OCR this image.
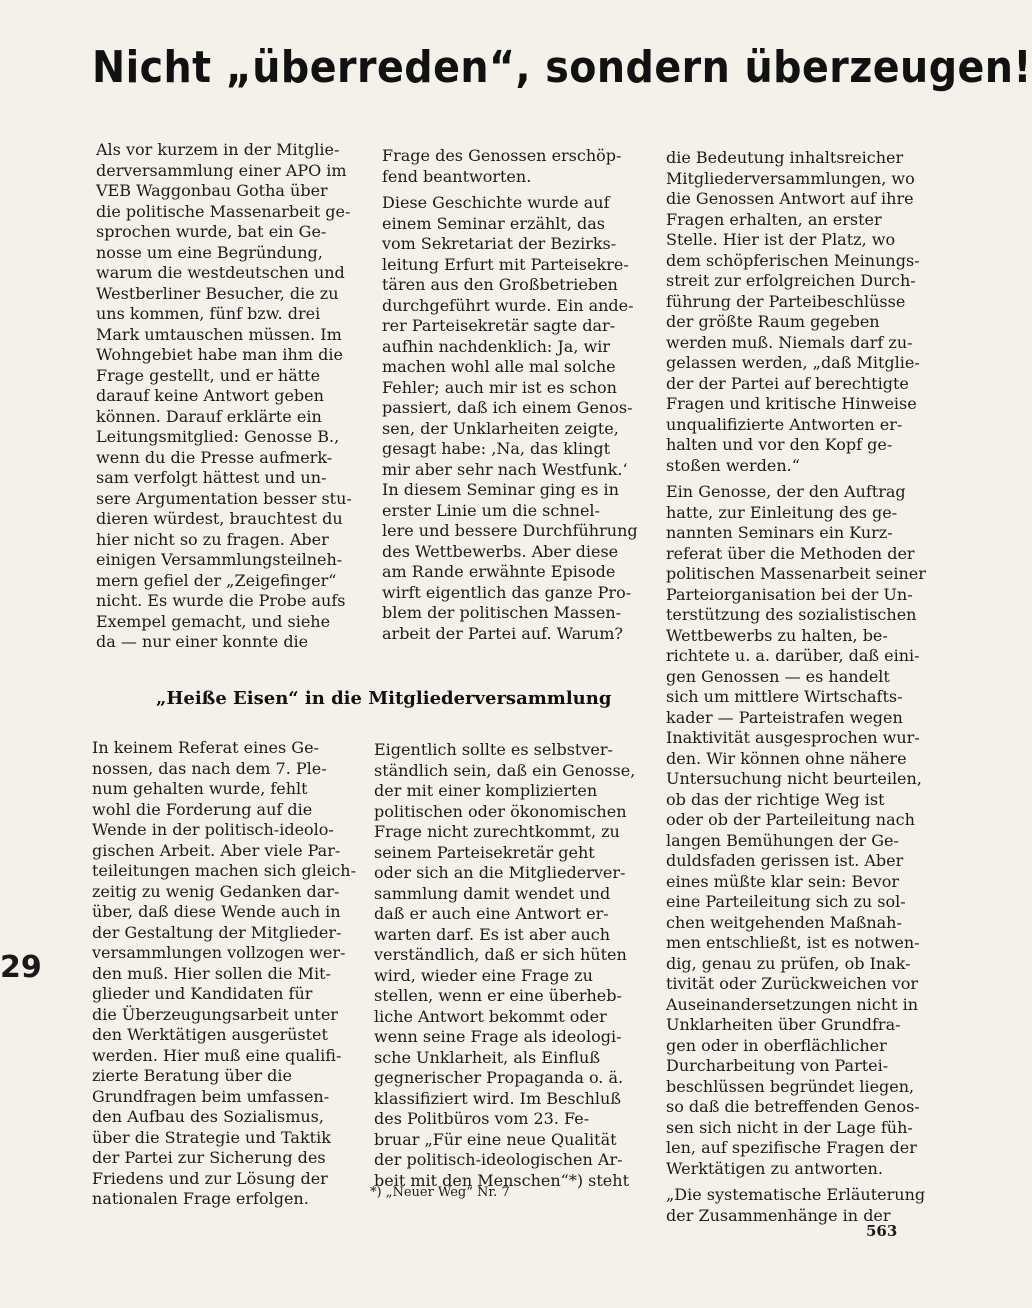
Nicht „überreden“, sondern überzeugen!
Als vor kurzem in der Mitglie-
derversammlung einer APO im
VEB Waggonbau Gotha über
die politische Massenarbeit ge-
sprochen wurde, bat ein Ge-
nosse um eine Begründung,
warum die westdeutschen und
Westberliner Besucher, die zu
uns kommen, fünf bzw. drei
Mark umtauschen müssen. Im
Wohngebiet habe man ihm die
Frage gestellt, und er hätte
darauf keine Antwort geben
können. Darauf erklärte ein
Leitungsmitglied: Genosse B.,
wenn du die Presse aufmerk-
sam verfolgt hättest und un-
sere Argumentation besser stu-
dieren würdest, brauchtest du
hier nicht so zu fragen. Aber
einigen Versammlungsteilneh-
mern gefiel der „Zeigefinger“
nicht. Es wurde die Probe aufs
Exempel gemacht, und siehe
da — nur einer konnte die
Frage des Genossen erschöp-
fend beantworten.
Diese Geschichte wurde auf
einem Seminar erzählt, das
vom Sekretariat der Bezirks-
leitung Erfurt mit Parteisekre-
tären aus den Großbetrieben
durchgeführt wurde. Ein ande-
rer Parteisekretär sagte dar-
aufhin nachdenklich: Ja, wir
machen wohl alle mal solche
Fehler; auch mir ist es schon
passiert, daß ich einem Genos-
sen, der Unklarheiten zeigte,
gesagt habe: ‚Na, das klingt
mir aber sehr nach Westfunk.‘
In diesem Seminar ging es in
erster Linie um die schnel-
lere und bessere Durchführung
des Wettbewerbs. Aber diese
am Rande erwähnte Episode
wirft eigentlich das ganze Pro-
blem der politischen Massen-
arbeit der Partei auf. Warum?
die Bedeutung inhaltsreicher
Mitgliederversammlungen, wo
die Genossen Antwort auf ihre
Fragen erhalten, an erster
Stelle. Hier ist der Platz, wo
dem schöpferischen Meinungs-
streit zur erfolgreichen Durch-
führung der Parteibeschlüsse
der größte Raum gegeben
werden muß. Niemals darf zu-
gelassen werden, „daß Mitglie-
der der Partei auf berechtigte
Fragen und kritische Hinweise
unqualifizierte Antworten er-
halten und vor den Kopf ge-
stoßen werden.“
Ein Genosse, der den Auftrag
hatte, zur Einleitung des ge-
nannten Seminars ein Kurz-
referat über die Methoden der
politischen Massenarbeit seiner
Parteiorganisation bei der Un-
terstützung des sozialistischen
Wettbewerbs zu halten, be-
richtete u. a. darüber, daß eini-
gen Genossen — es handelt
sich um mittlere Wirtschafts-
kader — Parteistrafen wegen
Inaktivität ausgesprochen wur-
den. Wir können ohne nähere
Untersuchung nicht beurteilen,
ob das der richtige Weg ist
oder ob der Parteileitung nach
langen Bemühungen der Ge-
duldsfaden gerissen ist. Aber
eines müßte klar sein: Bevor
eine Parteileitung sich zu sol-
chen weitgehenden Maßnah-
men entschließt, ist es notwen-
dig, genau zu prüfen, ob Inak-
tivität oder Zurückweichen vor
Auseinandersetzungen nicht in
Unklarheiten über Grundfra-
gen oder in oberflächlicher
Durcharbeitung von Partei-
beschlüssen begründet liegen,
so daß die betreffenden Genos-
sen sich nicht in der Lage füh-
len, auf spezifische Fragen der
Werktätigen zu antworten.
„Die systematische Erläuterung
der Zusammenhänge in der
„Heiße Eisen“ in die Mitgliederversammlung
In keinem Referat eines Ge-
nossen, das nach dem 7. Ple-
num gehalten wurde, fehlt
wohl die Forderung auf die
Wende in der politisch-ideolo-
gischen Arbeit. Aber viele Par-
teileitungen machen sich gleich-
zeitig zu wenig Gedanken dar-
über, daß diese Wende auch in
der Gestaltung der Mitglieder-
versammlungen vollzogen wer-
den muß. Hier sollen die Mit-
glieder und Kandidaten für
die Überzeugungsarbeit unter
den Werktätigen ausgerüstet
werden. Hier muß eine qualifi-
zierte Beratung über die
Grundfragen beim umfassen-
den Aufbau des Sozialismus,
über die Strategie und Taktik
der Partei zur Sicherung des
Friedens und zur Lösung der
nationalen Frage erfolgen.
Eigentlich sollte es selbstver-
ständlich sein, daß ein Genosse,
der mit einer komplizierten
politischen oder ökonomischen
Frage nicht zurechtkommt, zu
seinem Parteisekretär geht
oder sich an die Mitgliederver-
sammlung damit wendet und
daß er auch eine Antwort er-
warten darf. Es ist aber auch
verständlich, daß er sich hüten
wird, wieder eine Frage zu
stellen, wenn er eine überheb-
liche Antwort bekommt oder
wenn seine Frage als ideologi-
sche Unklarheit, als Einfluß
gegnerischer Propaganda o. ä.
klassifiziert wird. Im Beschluß
des Politbüros vom 23. Fe-
bruar „Für eine neue Qualität
der politisch-ideologischen Ar-
beit mit den Menschen“*) steht

29

*) „Neuer Weg“ Nr. 7

563
